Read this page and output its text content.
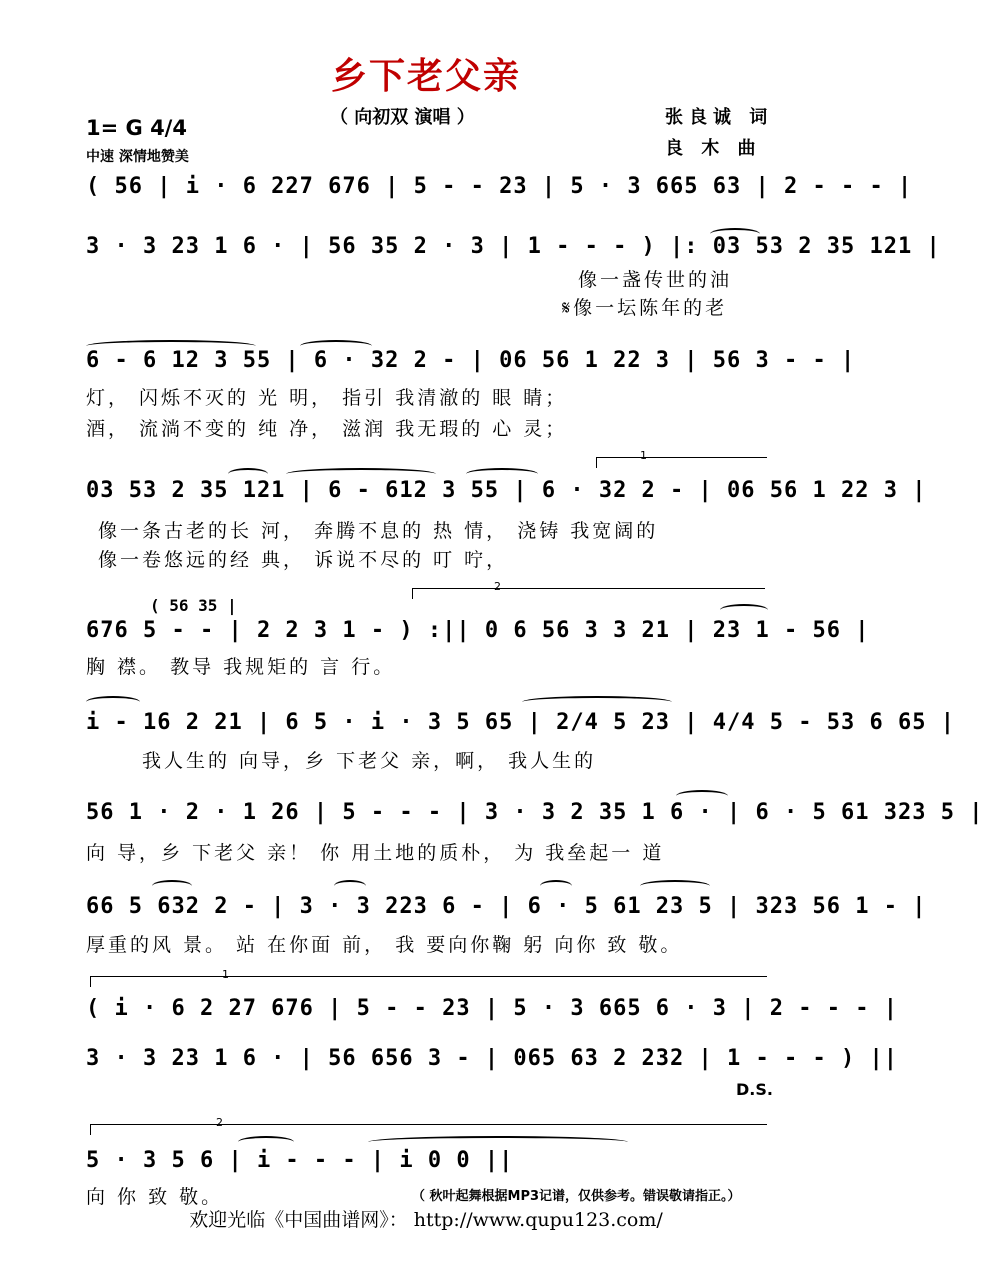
乡下老父亲
（ 向初双 演唱 ）	张良诚 词
良 木 曲
1= G 4/4
中速 深情地赞美
( 56 | i · 6 227 676 | 5 - - 23 | 5 · 3 665 63 | 2 - - - |
3 · 3 23 1 6 · | 56 35 2 · 3 | 1 - - - ) |: 03 53 2 35 121 |
像一盏传世的油
𝄋像一坛陈年的老
6 - 6 12 3 55 | 6 · 32 2 - | 06 56 1 22 3 | 56 3 - - |
灯， 闪烁不灭的 光 明， 指引 我清澈的 眼 睛；
酒， 流淌不变的 纯 净， 滋润 我无瑕的 心 灵；
1
03 53 2 35 121 | 6 - 612 3 55 | 6 · 32 2 - | 06 56 1 22 3 |
像一条古老的长 河， 奔腾不息的 热 情， 浇铸 我宽阔的
像一卷悠远的经 典， 诉说不尽的 叮 咛，
( 56 35 |
2
676 5 - - | 2 2 3 1 - ) :|| 0 6 56 3 3 21 | 23 1 - 56 |
胸 襟。 教导 我规矩的 言 行。
i - 16 2 21 | 6 5 · i · 3 5 65 | 2/4 5 23 | 4/4 5 - 53 6 65 |
我人生的 向导，乡 下老父 亲，啊， 我人生的
56 1 · 2 · 1 26 | 5 - - - | 3 · 3 2 35 1 6 · | 6 · 5 61 323 5 |
向 导，乡 下老父 亲！ 你 用土地的质朴， 为 我垒起一 道
66 5 632 2 - | 3 · 3 223 6 - | 6 · 5 61 23 5 | 323 56 1 - |
厚重的风 景。 站 在你面 前， 我 要向你鞠 躬 向你 致 敬。
1
( i · 6 2 27 676 | 5 - - 23 | 5 · 3 665 6 · 3 | 2 - - - |
3 · 3 23 1 6 · | 56 656 3 - | 065 63 2 232 | 1 - - - ) ||
D.S.
2
5 · 3 5 6 | i - - - | i 0 0 ||
向 你 致 敬。	（ 秋叶起舞根据MP3记谱，仅供参考。错误敬请指正。）
欢迎光临《中国曲谱网》： http://www.qupu123.com/
